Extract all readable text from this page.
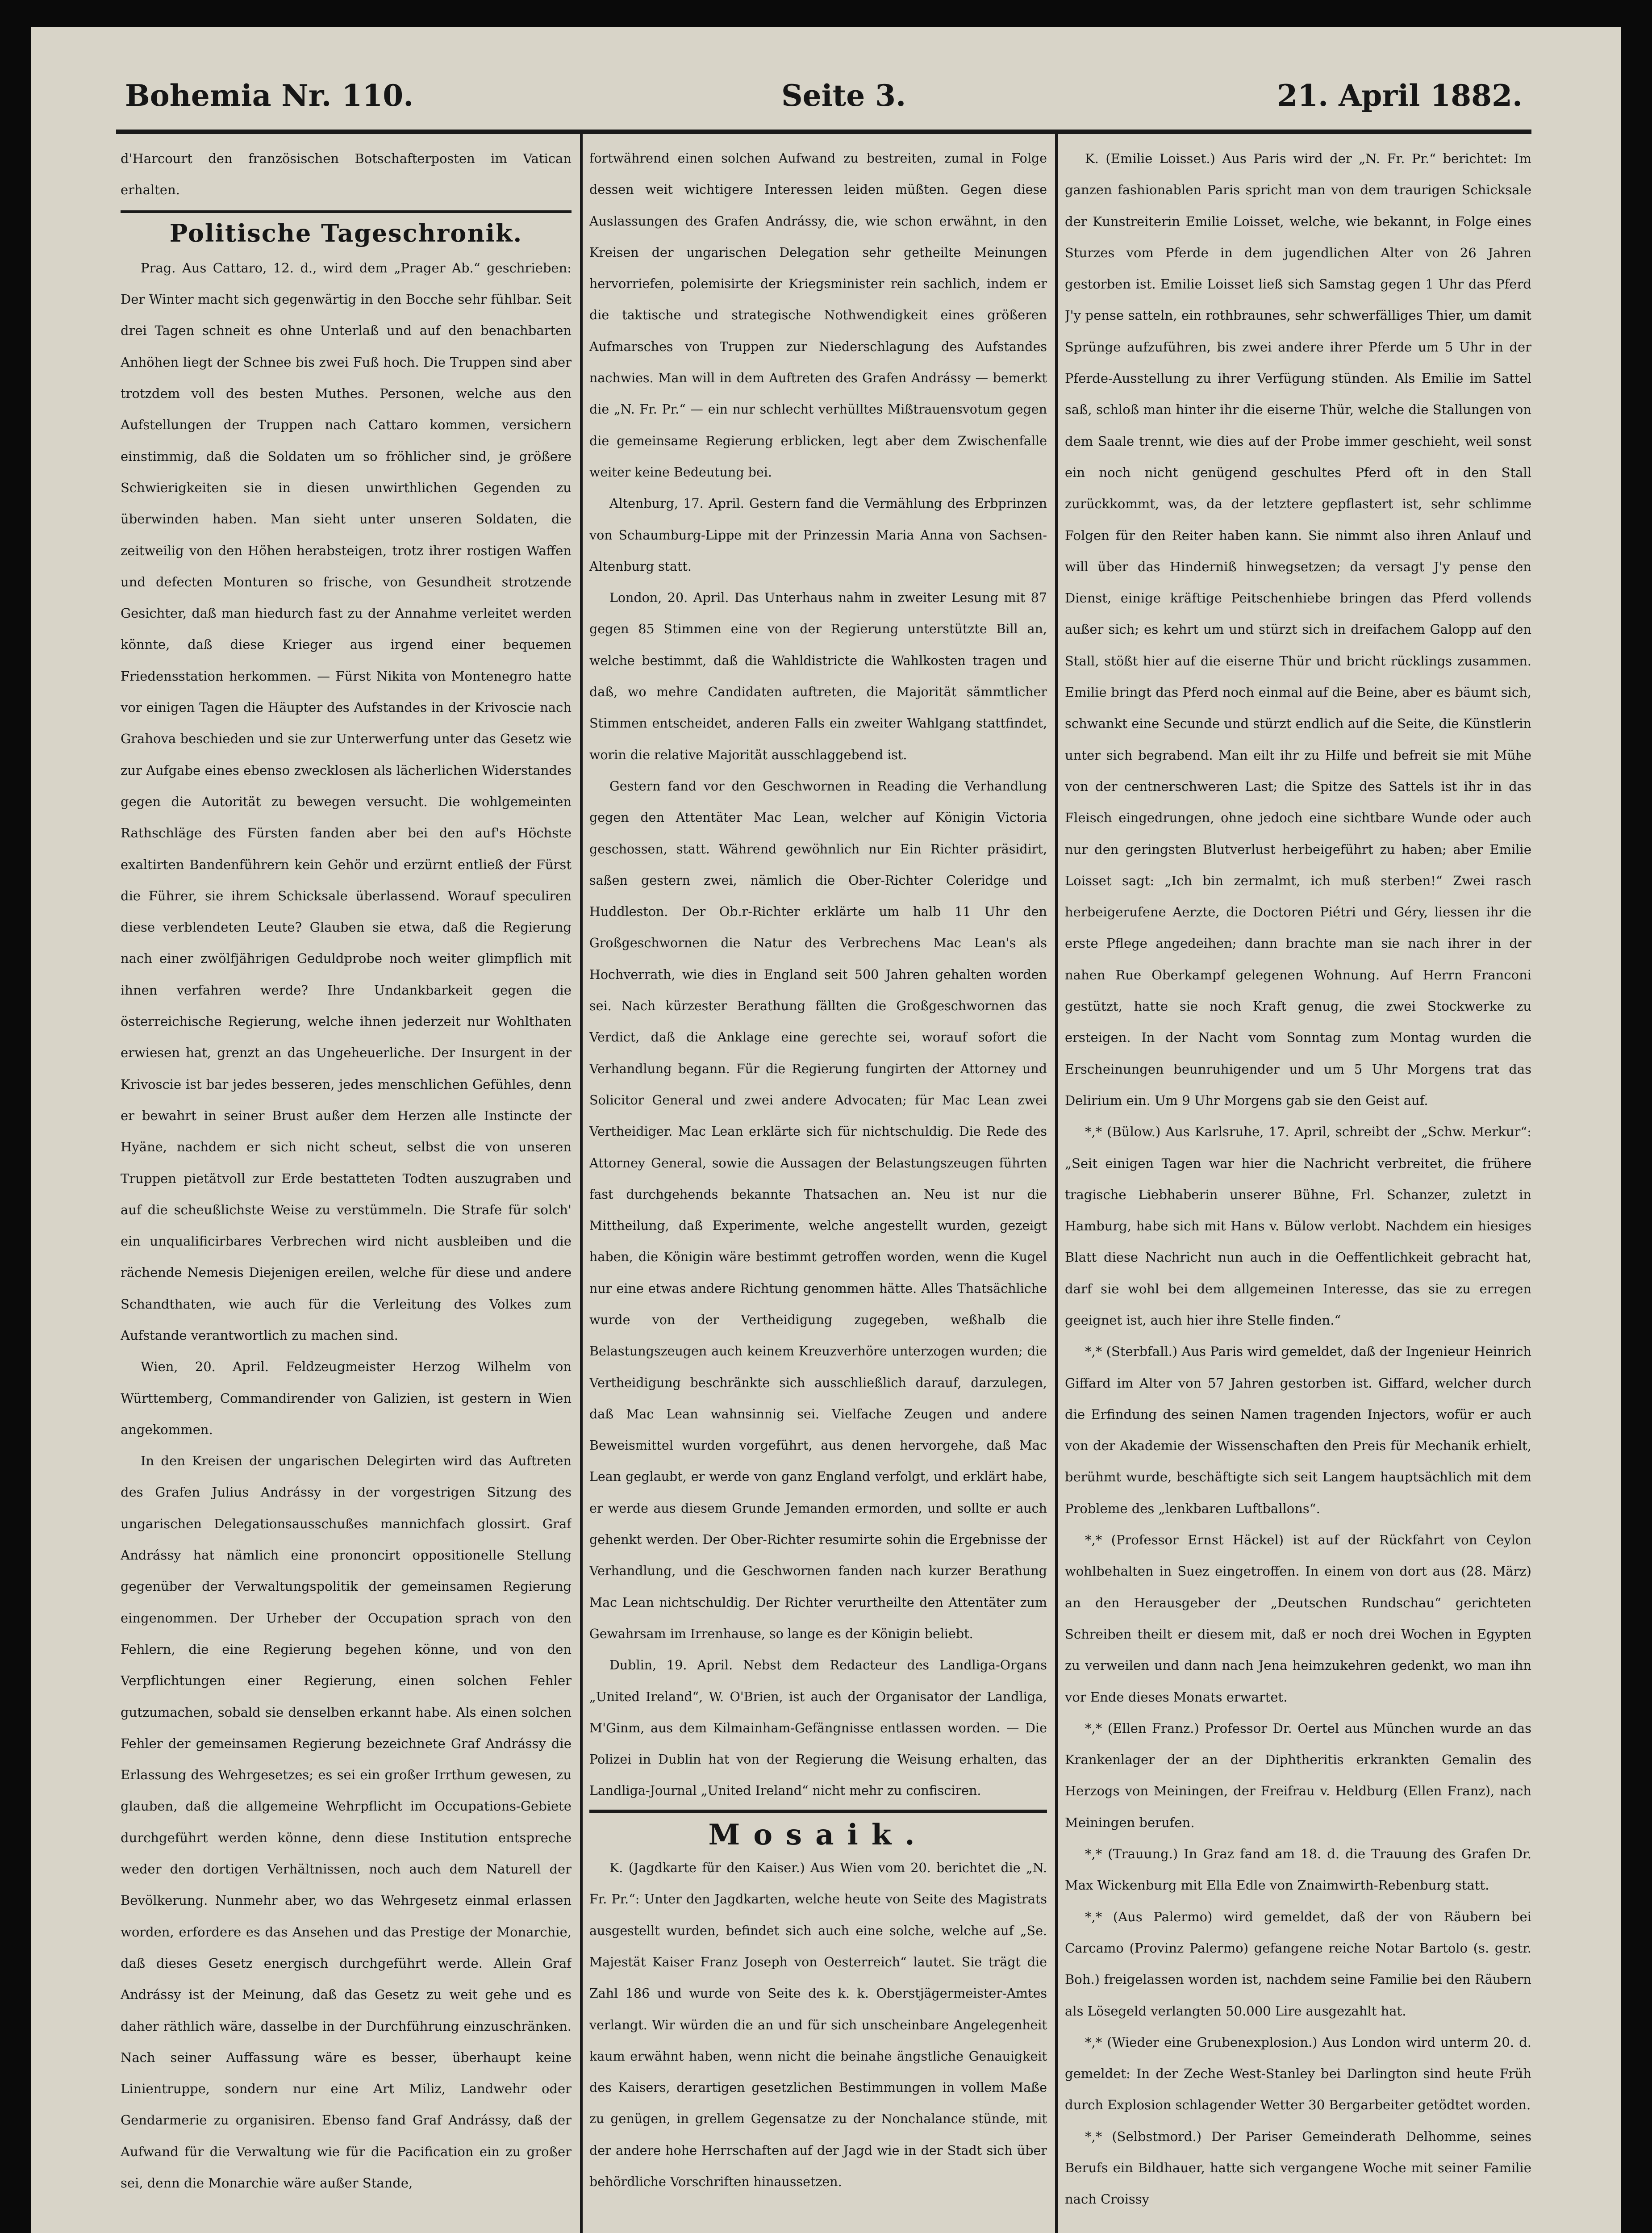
Bohemia Nr. 110.	Seite 3.	21. April 1882.

d'Harcourt den französischen Botschafterposten im Vatican erhalten.

Politische Tageschronik.

Prag. Aus Cattaro, 12. d., wird dem „Prager Ab.“ geschrieben: Der Winter macht sich gegenwärtig in den Bocche sehr fühlbar. Seit drei Tagen schneit es ohne Unterlaß und auf den benachbarten Anhöhen liegt der Schnee bis zwei Fuß hoch. Die Truppen sind aber trotzdem voll des besten Muthes. Personen, welche aus den Aufstellungen der Truppen nach Cattaro kommen, versichern einstimmig, daß die Soldaten um so fröhlicher sind, je größere Schwierigkeiten sie in diesen unwirthlichen Gegenden zu überwinden haben. Man sieht unter unseren Soldaten, die zeitweilig von den Höhen herabsteigen, trotz ihrer rostigen Waffen und defecten Monturen so frische, von Gesundheit strotzende Gesichter, daß man hiedurch fast zu der Annahme verleitet werden könnte, daß diese Krieger aus irgend einer bequemen Friedensstation herkommen. — Fürst Nikita von Montenegro hatte vor einigen Tagen die Häupter des Aufstandes in der Krivoscie nach Grahova beschieden und sie zur Unterwerfung unter das Gesetz wie zur Aufgabe eines ebenso zwecklosen als lächerlichen Widerstandes gegen die Autorität zu bewegen versucht. Die wohlgemeinten Rathschläge des Fürsten fanden aber bei den auf's Höchste exaltirten Bandenführern kein Gehör und erzürnt entließ der Fürst die Führer, sie ihrem Schicksale überlassend. Worauf speculiren diese verblendeten Leute? Glauben sie etwa, daß die Regierung nach einer zwölfjährigen Geduldprobe noch weiter glimpflich mit ihnen verfahren werde? Ihre Undankbarkeit gegen die österreichische Regierung, welche ihnen jederzeit nur Wohlthaten erwiesen hat, grenzt an das Ungeheuerliche. Der Insurgent in der Krivoscie ist bar jedes besseren, jedes menschlichen Gefühles, denn er bewahrt in seiner Brust außer dem Herzen alle Instincte der Hyäne, nachdem er sich nicht scheut, selbst die von unseren Truppen pietätvoll zur Erde bestatteten Todten auszugraben und auf die scheußlichste Weise zu verstümmeln. Die Strafe für solch' ein unqualificirbares Verbrechen wird nicht ausbleiben und die rächende Nemesis Diejenigen ereilen, welche für diese und andere Schandthaten, wie auch für die Verleitung des Volkes zum Aufstande verantwortlich zu machen sind.

Wien, 20. April. Feldzeugmeister Herzog Wilhelm von Württemberg, Commandirender von Galizien, ist gestern in Wien angekommen.

In den Kreisen der ungarischen Delegirten wird das Auftreten des Grafen Julius Andrássy in der vorgestrigen Sitzung des ungarischen Delegationsausschußes mannichfach glossirt. Graf Andrássy hat nämlich eine prononcirt oppositionelle Stellung gegenüber der Verwaltungspolitik der gemeinsamen Regierung eingenommen. Der Urheber der Occupation sprach von den Fehlern, die eine Regierung begehen könne, und von den Verpflichtungen einer Regierung, einen solchen Fehler gutzumachen, sobald sie denselben erkannt habe. Als einen solchen Fehler der gemeinsamen Regierung bezeichnete Graf Andrássy die Erlassung des Wehrgesetzes; es sei ein großer Irrthum gewesen, zu glauben, daß die allgemeine Wehrpflicht im Occupations-Gebiete durchgeführt werden könne, denn diese Institution entspreche weder den dortigen Verhältnissen, noch auch dem Naturell der Bevölkerung. Nunmehr aber, wo das Wehrgesetz einmal erlassen worden, erfordere es das Ansehen und das Prestige der Monarchie, daß dieses Gesetz energisch durchgeführt werde. Allein Graf Andrássy ist der Meinung, daß das Gesetz zu weit gehe und es daher räthlich wäre, dasselbe in der Durchführung einzuschränken. Nach seiner Auffassung wäre es besser, überhaupt keine Linientruppe, sondern nur eine Art Miliz, Landwehr oder Gendarmerie zu organisiren. Ebenso fand Graf Andrássy, daß der Aufwand für die Verwaltung wie für die Pacification ein zu großer sei, denn die Monarchie wäre außer Stande,

fortwährend einen solchen Aufwand zu bestreiten, zumal in Folge dessen weit wichtigere Interessen leiden müßten. Gegen diese Auslassungen des Grafen Andrássy, die, wie schon erwähnt, in den Kreisen der ungarischen Delegation sehr getheilte Meinungen hervorriefen, polemisirte der Kriegsminister rein sachlich, indem er die taktische und strategische Nothwendigkeit eines größeren Aufmarsches von Truppen zur Niederschlagung des Aufstandes nachwies. Man will in dem Auftreten des Grafen Andrássy — bemerkt die „N. Fr. Pr.“ — ein nur schlecht verhülltes Mißtrauensvotum gegen die gemeinsame Regierung erblicken, legt aber dem Zwischenfalle weiter keine Bedeutung bei.

Altenburg, 17. April. Gestern fand die Vermählung des Erbprinzen von Schaumburg-Lippe mit der Prinzessin Maria Anna von Sachsen-Altenburg statt.

London, 20. April. Das Unterhaus nahm in zweiter Lesung mit 87 gegen 85 Stimmen eine von der Regierung unterstützte Bill an, welche bestimmt, daß die Wahldistricte die Wahlkosten tragen und daß, wo mehre Candidaten auftreten, die Majorität sämmtlicher Stimmen entscheidet, anderen Falls ein zweiter Wahlgang stattfindet, worin die relative Majorität ausschlaggebend ist.

Gestern fand vor den Geschwornen in Reading die Verhandlung gegen den Attentäter Mac Lean, welcher auf Königin Victoria geschossen, statt. Während gewöhnlich nur Ein Richter präsidirt, saßen gestern zwei, nämlich die Ober-Richter Coleridge und Huddleston. Der Ob.r-Richter erklärte um halb 11 Uhr den Großgeschwornen die Natur des Verbrechens Mac Lean's als Hochverrath, wie dies in England seit 500 Jahren gehalten worden sei. Nach kürzester Berathung fällten die Großgeschwornen das Verdict, daß die Anklage eine gerechte sei, worauf sofort die Verhandlung begann. Für die Regierung fungirten der Attorney und Solicitor General und zwei andere Advocaten; für Mac Lean zwei Vertheidiger. Mac Lean erklärte sich für nichtschuldig. Die Rede des Attorney General, sowie die Aussagen der Belastungszeugen führten fast durchgehends bekannte Thatsachen an. Neu ist nur die Mittheilung, daß Experimente, welche angestellt wurden, gezeigt haben, die Königin wäre bestimmt getroffen worden, wenn die Kugel nur eine etwas andere Richtung genommen hätte. Alles Thatsächliche wurde von der Vertheidigung zugegeben, weßhalb die Belastungszeugen auch keinem Kreuzverhöre unterzogen wurden; die Vertheidigung beschränkte sich ausschließlich darauf, darzulegen, daß Mac Lean wahnsinnig sei. Vielfache Zeugen und andere Beweismittel wurden vorgeführt, aus denen hervorgehe, daß Mac Lean geglaubt, er werde von ganz England verfolgt, und erklärt habe, er werde aus diesem Grunde Jemanden ermorden, und sollte er auch gehenkt werden. Der Ober-Richter resumirte sohin die Ergebnisse der Verhandlung, und die Geschwornen fanden nach kurzer Berathung Mac Lean nichtschuldig. Der Richter verurtheilte den Attentäter zum Gewahrsam im Irrenhause, so lange es der Königin beliebt.

Dublin, 19. April. Nebst dem Redacteur des Landliga-Organs „United Ireland“, W. O'Brien, ist auch der Organisator der Landliga, M'Ginm, aus dem Kilmainham-Gefängnisse entlassen worden. — Die Polizei in Dublin hat von der Regierung die Weisung erhalten, das Landliga-Journal „United Ireland“ nicht mehr zu confisciren.

Mosaik.

K. (Jagdkarte für den Kaiser.) Aus Wien vom 20. berichtet die „N. Fr. Pr.“: Unter den Jagdkarten, welche heute von Seite des Magistrats ausgestellt wurden, befindet sich auch eine solche, welche auf „Se. Majestät Kaiser Franz Joseph von Oesterreich“ lautet. Sie trägt die Zahl 186 und wurde von Seite des k. k. Oberstjägermeister-Amtes verlangt. Wir würden die an und für sich unscheinbare Angelegenheit kaum erwähnt haben, wenn nicht die beinahe ängstliche Genauigkeit des Kaisers, derartigen gesetzlichen Bestimmungen in vollem Maße zu genügen, in grellem Gegensatze zu der Nonchalance stünde, mit der andere hohe Herrschaften auf der Jagd wie in der Stadt sich über behördliche Vorschriften hinaussetzen.

K. (Emilie Loisset.) Aus Paris wird der „N. Fr. Pr.“ berichtet: Im ganzen fashionablen Paris spricht man von dem traurigen Schicksale der Kunstreiterin Emilie Loisset, welche, wie bekannt, in Folge eines Sturzes vom Pferde in dem jugendlichen Alter von 26 Jahren gestorben ist. Emilie Loisset ließ sich Samstag gegen 1 Uhr das Pferd J'y pense satteln, ein rothbraunes, sehr schwerfälliges Thier, um damit Sprünge aufzuführen, bis zwei andere ihrer Pferde um 5 Uhr in der Pferde-Ausstellung zu ihrer Verfügung stünden. Als Emilie im Sattel saß, schloß man hinter ihr die eiserne Thür, welche die Stallungen von dem Saale trennt, wie dies auf der Probe immer geschieht, weil sonst ein noch nicht genügend geschultes Pferd oft in den Stall zurückkommt, was, da der letztere gepflastert ist, sehr schlimme Folgen für den Reiter haben kann. Sie nimmt also ihren Anlauf und will über das Hinderniß hinwegsetzen; da versagt J'y pense den Dienst, einige kräftige Peitschenhiebe bringen das Pferd vollends außer sich; es kehrt um und stürzt sich in dreifachem Galopp auf den Stall, stößt hier auf die eiserne Thür und bricht rücklings zusammen. Emilie bringt das Pferd noch einmal auf die Beine, aber es bäumt sich, schwankt eine Secunde und stürzt endlich auf die Seite, die Künstlerin unter sich begrabend. Man eilt ihr zu Hilfe und befreit sie mit Mühe von der centnerschweren Last; die Spitze des Sattels ist ihr in das Fleisch eingedrungen, ohne jedoch eine sichtbare Wunde oder auch nur den geringsten Blutverlust herbeigeführt zu haben; aber Emilie Loisset sagt: „Ich bin zermalmt, ich muß sterben!“ Zwei rasch herbeigerufene Aerzte, die Doctoren Piétri und Géry, liessen ihr die erste Pflege angedeihen; dann brachte man sie nach ihrer in der nahen Rue Oberkampf gelegenen Wohnung. Auf Herrn Franconi gestützt, hatte sie noch Kraft genug, die zwei Stockwerke zu ersteigen. In der Nacht vom Sonntag zum Montag wurden die Erscheinungen beunruhigender und um 5 Uhr Morgens trat das Delirium ein. Um 9 Uhr Morgens gab sie den Geist auf.

*,* (Bülow.) Aus Karlsruhe, 17. April, schreibt der „Schw. Merkur“: „Seit einigen Tagen war hier die Nachricht verbreitet, die frühere tragische Liebhaberin unserer Bühne, Frl. Schanzer, zuletzt in Hamburg, habe sich mit Hans v. Bülow verlobt. Nachdem ein hiesiges Blatt diese Nachricht nun auch in die Oeffentlichkeit gebracht hat, darf sie wohl bei dem allgemeinen Interesse, das sie zu erregen geeignet ist, auch hier ihre Stelle finden.“

*,* (Sterbfall.) Aus Paris wird gemeldet, daß der Ingenieur Heinrich Giffard im Alter von 57 Jahren gestorben ist. Giffard, welcher durch die Erfindung des seinen Namen tragenden Injectors, wofür er auch von der Akademie der Wissenschaften den Preis für Mechanik erhielt, berühmt wurde, beschäftigte sich seit Langem hauptsächlich mit dem Probleme des „lenkbaren Luftballons“.

*,* (Professor Ernst Häckel) ist auf der Rückfahrt von Ceylon wohlbehalten in Suez eingetroffen. In einem von dort aus (28. März) an den Herausgeber der „Deutschen Rundschau“ gerichteten Schreiben theilt er diesem mit, daß er noch drei Wochen in Egypten zu verweilen und dann nach Jena heimzukehren gedenkt, wo man ihn vor Ende dieses Monats erwartet.

*,* (Ellen Franz.) Professor Dr. Oertel aus München wurde an das Krankenlager der an der Diphtheritis erkrankten Gemalin des Herzogs von Meiningen, der Freifrau v. Heldburg (Ellen Franz), nach Meiningen berufen.

*,* (Trauung.) In Graz fand am 18. d. die Trauung des Grafen Dr. Max Wickenburg mit Ella Edle von Znaimwirth-Rebenburg statt.

*,* (Aus Palermo) wird gemeldet, daß der von Räubern bei Carcamo (Provinz Palermo) gefangene reiche Notar Bartolo (s. gestr. Boh.) freigelassen worden ist, nachdem seine Familie bei den Räubern als Lösegeld verlangten 50.000 Lire ausgezahlt hat.

*,* (Wieder eine Grubenexplosion.) Aus London wird unterm 20. d. gemeldet: In der Zeche West-Stanley bei Darlington sind heute Früh durch Explosion schlagender Wetter 30 Bergarbeiter getödtet worden.

*,* (Selbstmord.) Der Pariser Gemeinderath Delhomme, seines Berufs ein Bildhauer, hatte sich vergangene Woche mit seiner Familie nach Croissy
